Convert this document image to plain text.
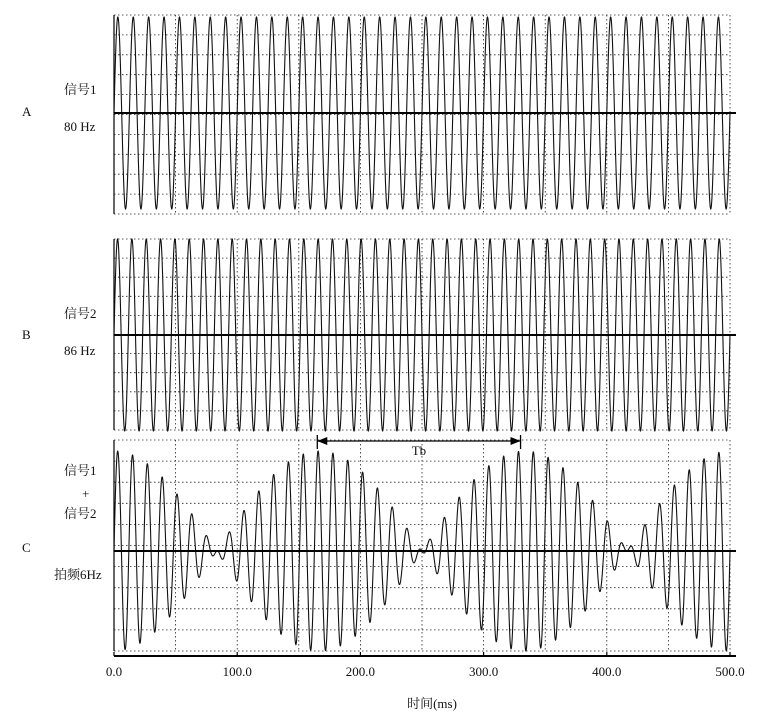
A
信号1
80 Hz
B
信号2
86 Hz
C
信号1
+
信号2
拍频6Hz
Tb
0.0	100.0	200.0	300.0	400.0	500.0
时间(ms)
